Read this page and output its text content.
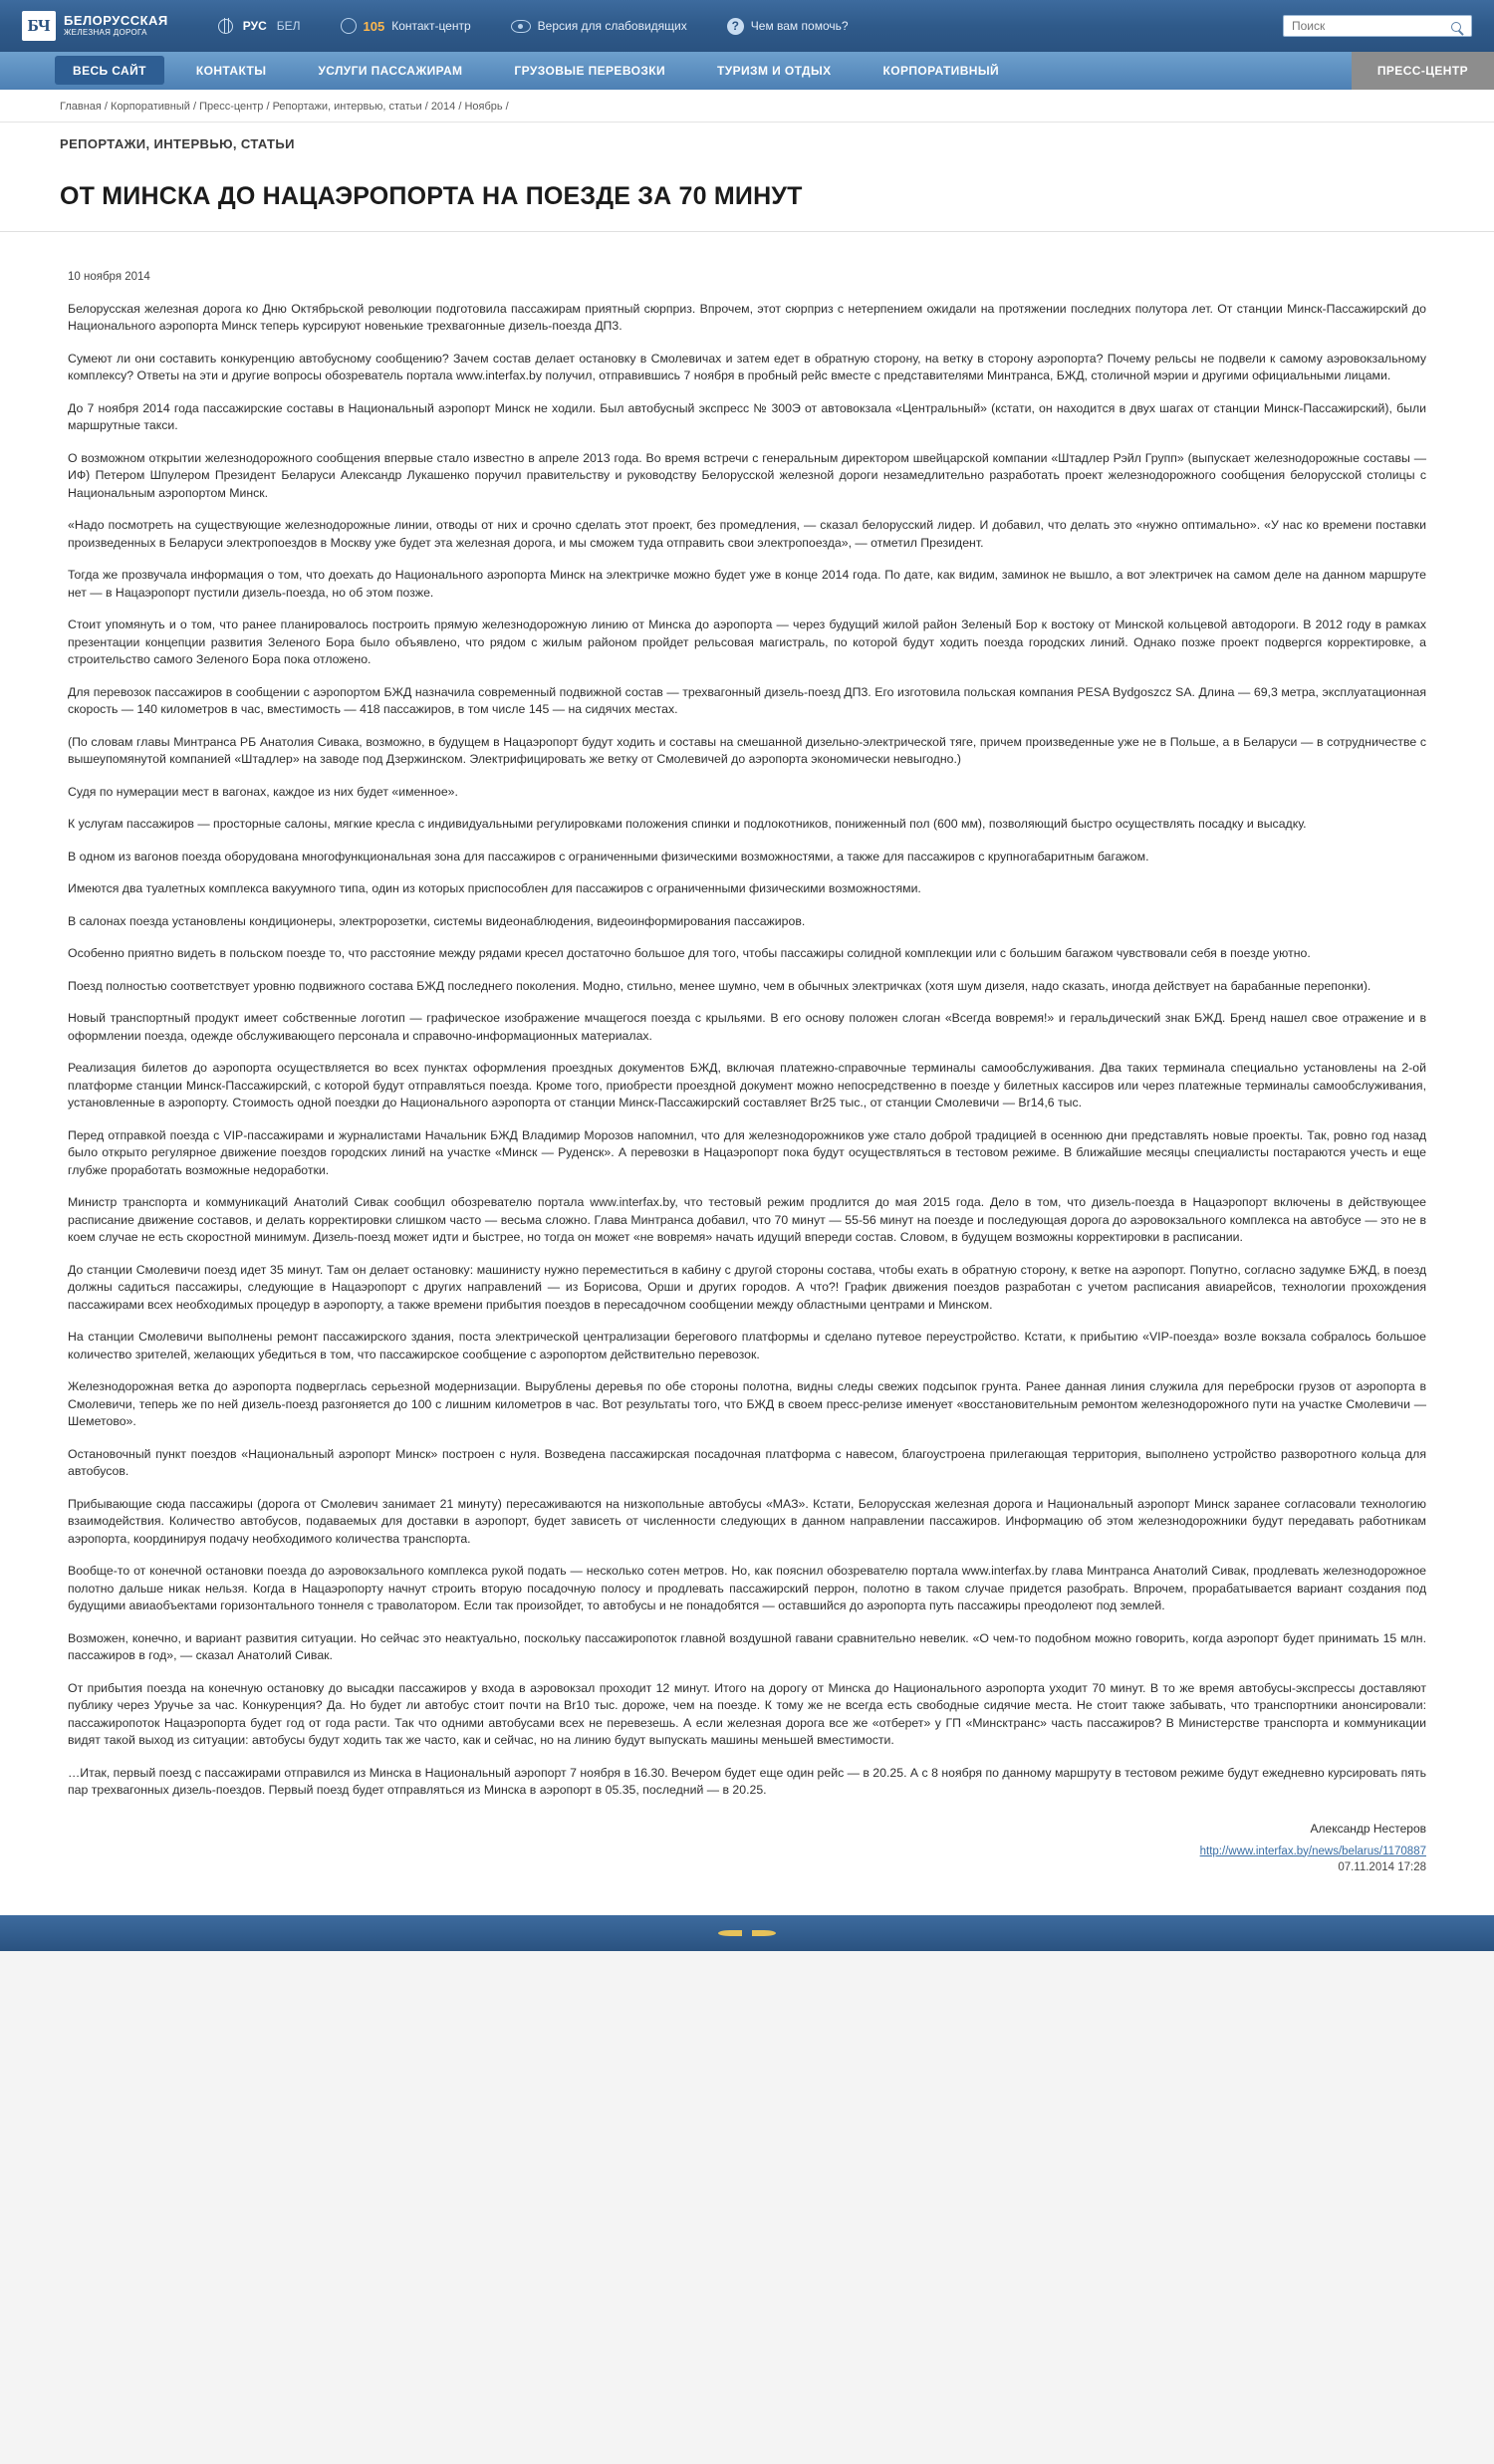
БЧ	БЕЛОРУССКАЯ
ЖЕЛЕЗНАЯ ДОРОГА	РУС БЕЛ	105 Контакт-центр	Версия для слабовидящих	? Чем вам помочь?
Поиск
ВЕСЬ САЙТ	КОНТАКТЫ	УСЛУГИ ПАССАЖИРАМ	ГРУЗОВЫЕ ПЕРЕВОЗКИ	ТУРИЗМ И ОТДЫХ	КОРПОРАТИВНЫЙ	ПРЕСС-ЦЕНТР
Главная / Корпоративный / Пресс-центр / Репортажи, интервью, статьи / 2014 / Ноябрь /
РЕПОРТАЖИ, ИНТЕРВЬЮ, СТАТЬИ
ОТ МИНСКА ДО НАЦАЭРОПОРТА НА ПОЕЗДЕ ЗА 70 МИНУТ
10 ноября 2014

Белорусская железная дорога ко Дню Октябрьской революции подготовила пассажирам приятный сюрприз. Впрочем, этот сюрприз с нетерпением ожидали на протяжении последних полутора лет. От станции Минск-Пассажирский до Национального аэропорта Минск теперь курсируют новенькие трехвагонные дизель-поезда ДП3.

Сумеют ли они составить конкуренцию автобусному сообщению? Зачем состав делает остановку в Смолевичах и затем едет в обратную сторону, на ветку в сторону аэропорта? Почему рельсы не подвели к самому аэровокзальному комплексу? Ответы на эти и другие вопросы обозреватель портала www.interfax.by получил, отправившись 7 ноября в пробный рейс вместе с представителями Минтранса, БЖД, столичной мэрии и другими официальными лицами.

До 7 ноября 2014 года пассажирские составы в Национальный аэропорт Минск не ходили. Был автобусный экспресс № 300Э от автовокзала «Центральный» (кстати, он находится в двух шагах от станции Минск-Пассажирский), были маршрутные такси.

О возможном открытии железнодорожного сообщения впервые стало известно в апреле 2013 года. Во время встречи с генеральным директором швейцарской компании «Штадлер Рэйл Групп» (выпускает железнодорожные составы — ИФ) Петером Шпулером Президент Беларуси Александр Лукашенко поручил правительству и руководству Белорусской железной дороги незамедлительно разработать проект железнодорожного сообщения белорусской столицы с Национальным аэропортом Минск.

«Надо посмотреть на существующие железнодорожные линии, отводы от них и срочно сделать этот проект, без промедления, — сказал белорусский лидер. И добавил, что делать это «нужно оптимально». «У нас ко времени поставки произведенных в Беларуси электропоездов в Москву уже будет эта железная дорога, и мы сможем туда отправить свои электропоезда», — отметил Президент.

Тогда же прозвучала информация о том, что доехать до Национального аэропорта Минск на электричке можно будет уже в конце 2014 года. По дате, как видим, заминок не вышло, а вот электричек на самом деле на данном маршруте нет — в Нацаэропорт пустили дизель-поезда, но об этом позже.

Стоит упомянуть и о том, что ранее планировалось построить прямую железнодорожную линию от Минска до аэропорта — через будущий жилой район Зеленый Бор к востоку от Минской кольцевой автодороги. В 2012 году в рамках презентации концепции развития Зеленого Бора было объявлено, что рядом с жилым районом пройдет рельсовая магистраль, по которой будут ходить поезда городских линий. Однако позже проект подвергся корректировке, а строительство самого Зеленого Бора пока отложено.

Для перевозок пассажиров в сообщении с аэропортом БЖД назначила современный подвижной состав — трехвагонный дизель-поезд ДП3. Его изготовила польская компания PESA Bydgoszcz SA. Длина — 69,3 метра, эксплуатационная скорость — 140 километров в час, вместимость — 418 пассажиров, в том числе 145 — на сидячих местах.

(По словам главы Минтранса РБ Анатолия Сивака, возможно, в будущем в Нацаэропорт будут ходить и составы на смешанной дизельно-электрической тяге, причем произведенные уже не в Польше, а в Беларуси — в сотрудничестве с вышеупомянутой компанией «Штадлер» на заводе под Дзержинском. Электрифицировать же ветку от Смолевичей до аэропорта экономически невыгодно.)

Судя по нумерации мест в вагонах, каждое из них будет «именное».

К услугам пассажиров — просторные салоны, мягкие кресла с индивидуальными регулировками положения спинки и подлокотников, пониженный пол (600 мм), позволяющий быстро осуществлять посадку и высадку.

В одном из вагонов поезда оборудована многофункциональная зона для пассажиров с ограниченными физическими возможностями, а также для пассажиров с крупногабаритным багажом.

Имеются два туалетных комплекса вакуумного типа, один из которых приспособлен для пассажиров с ограниченными физическими возможностями.

В салонах поезда установлены кондиционеры, электророзетки, системы видеонаблюдения, видеоинформирования пассажиров.

Особенно приятно видеть в польском поезде то, что расстояние между рядами кресел достаточно большое для того, чтобы пассажиры солидной комплекции или с большим багажом чувствовали себя в поезде уютно.

Поезд полностью соответствует уровню подвижного состава БЖД последнего поколения. Модно, стильно, менее шумно, чем в обычных электричках (хотя шум дизеля, надо сказать, иногда действует на барабанные перепонки).

Новый транспортный продукт имеет собственные логотип — графическое изображение мчащегося поезда с крыльями. В его основу положен слоган «Всегда вовремя!» и геральдический знак БЖД. Бренд нашел свое отражение и в оформлении поезда, одежде обслуживающего персонала и справочно-информационных материалах.

Реализация билетов до аэропорта осуществляется во всех пунктах оформления проездных документов БЖД, включая платежно-справочные терминалы самообслуживания. Два таких терминала специально установлены на 2-ой платформе станции Минск-Пассажирский, с которой будут отправляться поезда. Кроме того, приобрести проездной документ можно непосредственно в поезде у билетных кассиров или через платежные терминалы самообслуживания, установленные в аэропорту. Стоимость одной поездки до Национального аэропорта от станции Минск-Пассажирский составляет Br25 тыс., от станции Смолевичи — Br14,6 тыс.

Перед отправкой поезда с VIP-пассажирами и журналистами Начальник БЖД Владимир Морозов напомнил, что для железнодорожников уже стало доброй традицией в осеннюю дни представлять новые проекты. Так, ровно год назад было открыто регулярное движение поездов городских линий на участке «Минск — Руденск». А перевозки в Нацаэропорт пока будут осуществляться в тестовом режиме. В ближайшие месяцы специалисты постараются учесть и еще глубже проработать возможные недоработки.

Министр транспорта и коммуникаций Анатолий Сивак сообщил обозревателю портала www.interfax.by, что тестовый режим продлится до мая 2015 года. Дело в том, что дизель-поезда в Нацаэропорт включены в действующее расписание движение составов, и делать корректировки слишком часто — весьма сложно. Глава Минтранса добавил, что 70 минут — 55-56 минут на поезде и последующая дорога до аэровокзального комплекса на автобусе — это не в коем случае не есть скоростной минимум. Дизель-поезд может идти и быстрее, но тогда он может «не вовремя» начать идущий впереди состав. Словом, в будущем возможны корректировки в расписании.

До станции Смолевичи поезд идет 35 минут. Там он делает остановку: машинисту нужно переместиться в кабину с другой стороны состава, чтобы ехать в обратную сторону, к ветке на аэропорт. Попутно, согласно задумке БЖД, в поезд должны садиться пассажиры, следующие в Нацаэропорт с других направлений — из Борисова, Орши и других городов. А что?! График движения поездов разработан с учетом расписания авиарейсов, технологии прохождения пассажирами всех необходимых процедур в аэропорту, а также времени прибытия поездов в пересадочном сообщении между областными центрами и Минском.

На станции Смолевичи выполнены ремонт пассажирского здания, поста электрической централизации берегового платформы и сделано путевое переустройство. Кстати, к прибытию «VIP-поезда» возле вокзала собралось большое количество зрителей, желающих убедиться в том, что пассажирское сообщение с аэропортом действительно перевозок.

Железнодорожная ветка до аэропорта подверглась серьезной модернизации. Вырублены деревья по обе стороны полотна, видны следы свежих подсыпок грунта. Ранее данная линия служила для переброски грузов от аэропорта в Смолевичи, теперь же по ней дизель-поезд разгоняется до 100 с лишним километров в час. Вот результаты того, что БЖД в своем пресс-релизе именует «восстановительным ремонтом железнодорожного пути на участке Смолевичи — Шеметово».

Остановочный пункт поездов «Национальный аэропорт Минск» построен с нуля. Возведена пассажирская посадочная платформа с навесом, благоустроена прилегающая территория, выполнено устройство разворотного кольца для автобусов.

Прибывающие сюда пассажиры (дорога от Смолевич занимает 21 минуту) пересаживаются на низкопольные автобусы «МАЗ». Кстати, Белорусская железная дорога и Национальный аэропорт Минск заранее согласовали технологию взаимодействия. Количество автобусов, подаваемых для доставки в аэропорт, будет зависеть от численности следующих в данном направлении пассажиров. Информацию об этом железнодорожники будут передавать работникам аэропорта, координируя подачу необходимого количества транспорта.

Вообще-то от конечной остановки поезда до аэровокзального комплекса рукой подать — несколько сотен метров. Но, как пояснил обозревателю портала www.interfax.by глава Минтранса Анатолий Сивак, продлевать железнодорожное полотно дальше никак нельзя. Когда в Нацаэропорту начнут строить вторую посадочную полосу и продлевать пассажирский перрон, полотно в таком случае придется разобрать. Впрочем, прорабатывается вариант создания под будущими авиаобъектами горизонтального тоннеля с траволатором. Если так произойдет, то автобусы и не понадобятся — оставшийся до аэропорта путь пассажиры преодолеют под землей.

Возможен, конечно, и вариант развития ситуации. Но сейчас это неактуально, поскольку пассажиропоток главной воздушной гавани сравнительно невелик. «О чем-то подобном можно говорить, когда аэропорт будет принимать 15 млн. пассажиров в год», — сказал Анатолий Сивак.

От прибытия поезда на конечную остановку до высадки пассажиров у входа в аэровокзал проходит 12 минут. Итого на дорогу от Минска до Национального аэропорта уходит 70 минут. В то же время автобусы-экспрессы доставляют публику через Уручье за час. Конкуренция? Да. Но будет ли автобус стоит почти на Br10 тыс. дороже, чем на поезде. К тому же не всегда есть свободные сидячие места. Не стоит также забывать, что транспортники анонсировали: пассажиропоток Нацаэропорта будет год от года расти. Так что одними автобусами всех не перевезешь. А если железная дорога все же «отберет» у ГП «Минсктранс» часть пассажиров? В Министерстве транспорта и коммуникации видят такой выход из ситуации: автобусы будут ходить так же часто, как и сейчас, но на линию будут выпускать машины меньшей вместимости.

…Итак, первый поезд с пассажирами отправился из Минска в Национальный аэропорт 7 ноября в 16.30. Вечером будет еще один рейс — в 20.25. А с 8 ноября по данному маршруту в тестовом режиме будут ежедневно курсировать пять пар трехвагонных дизель-поездов. Первый поезд будет отправляться из Минска в аэропорт в 05.35, последний — в 20.25.

Александр Нестеров
http://www.interfax.by/news/belarus/1170887
07.11.2014 17:28
